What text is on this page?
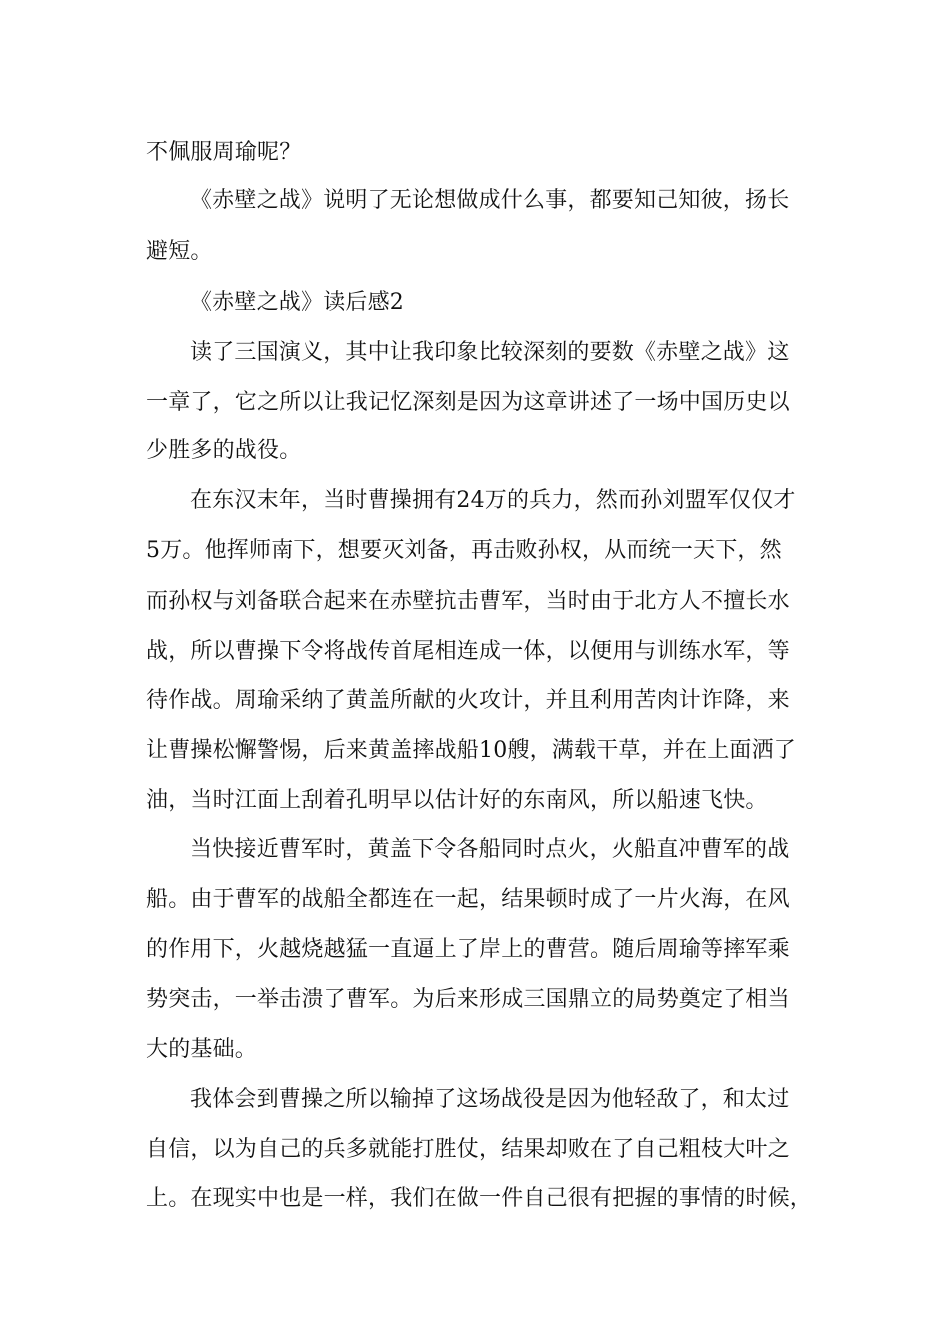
不佩服周瑜呢？

《赤壁之战》说明了无论想做成什么事，都要知己知彼，扬长

避短。

《赤壁之战》读后感2

读了三国演义，其中让我印象比较深刻的要数《赤壁之战》这

一章了，它之所以让我记忆深刻是因为这章讲述了一场中国历史以

少胜多的战役。

在东汉末年，当时曹操拥有24万的兵力，然而孙刘盟军仅仅才

5万。他挥师南下，想要灭刘备，再击败孙权，从而统一天下，然

而孙权与刘备联合起来在赤壁抗击曹军，当时由于北方人不擅长水

战，所以曹操下令将战传首尾相连成一体，以便用与训练水军，等

待作战。周瑜采纳了黄盖所献的火攻计，并且利用苦肉计诈降，来

让曹操松懈警惕，后来黄盖摔战船10艘，满载干草，并在上面洒了

油，当时江面上刮着孔明早以估计好的东南风，所以船速飞快。

当快接近曹军时，黄盖下令各船同时点火，火船直冲曹军的战

船。由于曹军的战船全都连在一起，结果顿时成了一片火海，在风

的作用下，火越烧越猛一直逼上了岸上的曹营。随后周瑜等摔军乘

势突击，一举击溃了曹军。为后来形成三国鼎立的局势奠定了相当

大的基础。

我体会到曹操之所以输掉了这场战役是因为他轻敌了，和太过

自信，以为自己的兵多就能打胜仗，结果却败在了自己粗枝大叶之

上。在现实中也是一样，我们在做一件自己很有把握的事情的时候，
